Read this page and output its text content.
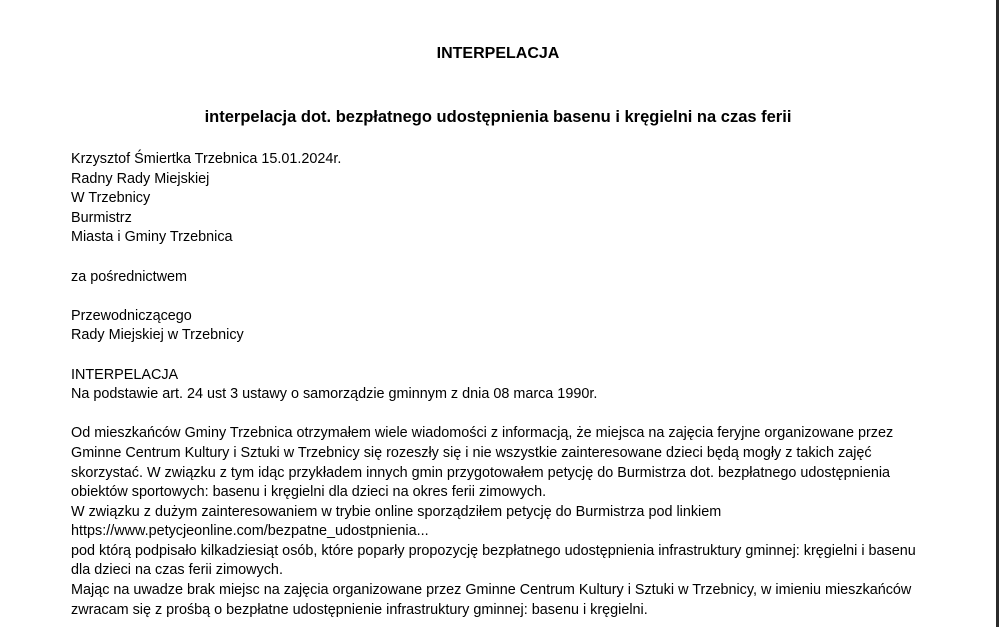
INTERPELACJA
interpelacja dot. bezpłatnego udostępnienia basenu i kręgielni na czas ferii

Krzysztof Śmiertka Trzebnica 15.01.2024r.

Radny Rady Miejskiej

W Trzebnicy

Burmistrz

Miasta i Gminy Trzebnica

za pośrednictwem

Przewodniczącego

Rady Miejskiej w Trzebnicy

INTERPELACJA

Na podstawie art. 24 ust 3 ustawy o samorządzie gminnym z dnia 08 marca 1990r.

Od mieszkańców Gminy Trzebnica otrzymałem wiele wiadomości z informacją, że miejsca na zajęcia feryjne organizowane przez Gminne Centrum Kultury i Sztuki w Trzebnicy się rozeszły się i nie wszystkie zainteresowane dzieci będą mogły z takich zajęć skorzystać. W związku z tym idąc przykładem innych gmin przygotowałem petycję do Burmistrza dot. bezpłatnego udostępnienia obiektów sportowych: basenu i kręgielni dla dzieci na okres ferii zimowych.

W związku z dużym zainteresowaniem w trybie online sporządziłem petycję do Burmistrza pod linkiem

https://www.petycjeonline.com/bezpatne_udostpnienia...

pod którą podpisało kilkadziesiąt osób, które poparły propozycję bezpłatnego udostępnienia infrastruktury gminnej: kręgielni i basenu dla dzieci na czas ferii zimowych.

Mając na uwadze brak miejsc na zajęcia organizowane przez Gminne Centrum Kultury i Sztuki w Trzebnicy, w imieniu mieszkańców zwracam się z prośbą o bezpłatne udostępnienie infrastruktury gminnej: basenu i kręgielni.
